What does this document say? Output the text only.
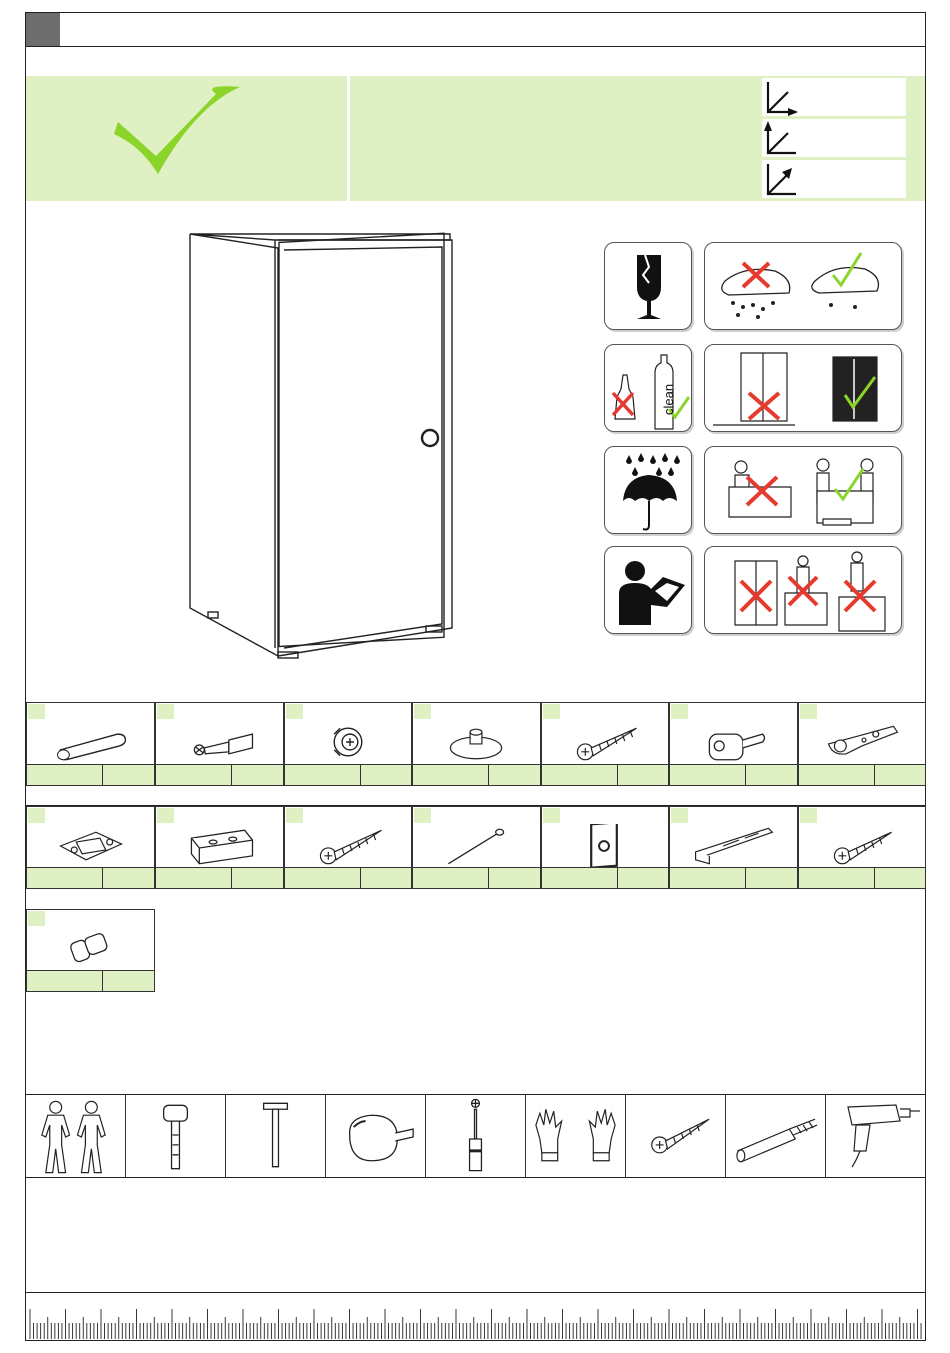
clean
